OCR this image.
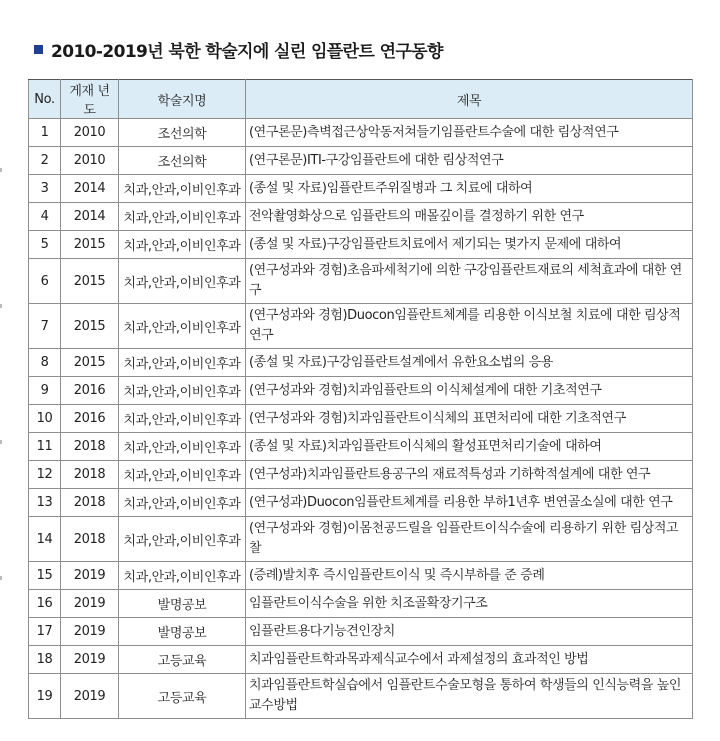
2010-2019년 북한 학술지에 실린 임플란트 연구동향
No.	게재 년도	학술지명	제목
1	2010	조선의학	(연구론문)측벽접근상악동저쳐들기임플란트수술에 대한 림상적연구
2	2010	조선의학	(연구론문)ITI-구강임플란트에 대한 림상적연구
3	2014	치과,안과,이비인후과	(종설 및 자료)임플란트주위질병과 그 치료에 대하여
4	2014	치과,안과,이비인후과	전악촬영화상으로 임플란트의 매몰깊이를 결정하기 위한 연구
5	2015	치과,안과,이비인후과	(종설 및 자료)구강임플란트치료에서 제기되는 몇가지 문제에 대하여
6	2015	치과,안과,이비인후과	(연구성과와 경험)초음파세척기에 의한 구강임플란트재료의 세척효과에 대한 연구
7	2015	치과,안과,이비인후과	(연구성과와 경험)Duocon임플란트체계를 리용한 이식보철 치료에 대한 림상적연구
8	2015	치과,안과,이비인후과	(종설 및 자료)구강임플란트설계에서 유한요소법의 응용
9	2016	치과,안과,이비인후과	(연구성과와 경험)치과임플란트의 이식체설계에 대한 기초적연구
10	2016	치과,안과,이비인후과	(연구성과와 경험)치과임플란트이식체의 표면처리에 대한 기초적연구
11	2018	치과,안과,이비인후과	(종설 및 자료)치과임플란트이식체의 활성표면처리기술에 대하여
12	2018	치과,안과,이비인후과	(연구성과)치과임플란트용공구의 재료적특성과 기하학적설계에 대한 연구
13	2018	치과,안과,이비인후과	(연구성과)Duocon임플란트체계를 리용한 부하1년후 변연골소실에 대한 연구
14	2018	치과,안과,이비인후과	(연구성과와 경험)이몸천공드릴을 임플란트이식수술에 리용하기 위한 림상적고찰
15	2019	치과,안과,이비인후과	(증례)발치후 즉시임플란트이식 및 즉시부하를 준 증례
16	2019	발명공보	임플란트이식수술을 위한 치조골확장기구조
17	2019	발명공보	임플란트용다기능견인장치
18	2019	고등교육	치과임플란트학과목과제식교수에서 과제설정의 효과적인 방법
19	2019	고등교육	치과임플란트학실습에서 임플란트수술모형을 통하여 학생들의 인식능력을 높인 교수방법
